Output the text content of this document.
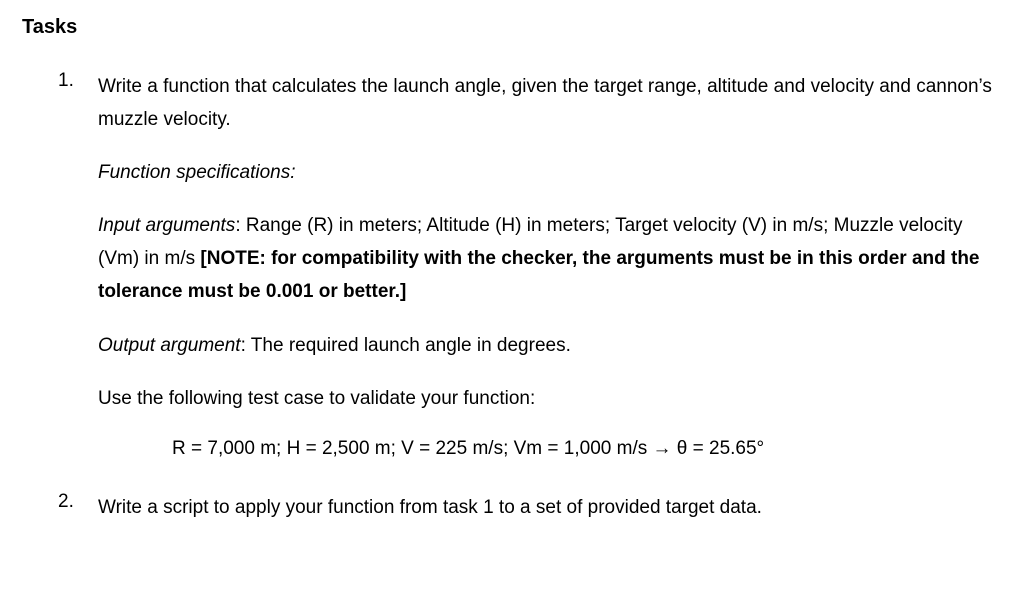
Tasks
1. Write a function that calculates the launch angle, given the target range, altitude and velocity and cannon’s muzzle velocity.
Function specifications:
Input arguments: Range (R) in meters; Altitude (H) in meters; Target velocity (V) in m/s; Muzzle velocity (Vm) in m/s [NOTE: for compatibility with the checker, the arguments must be in this order and the tolerance must be 0.001 or better.]
Output argument: The required launch angle in degrees.
Use the following test case to validate your function:
R = 7,000 m; H = 2,500 m; V = 225 m/s; Vm = 1,000 m/s → θ = 25.65°
2. Write a script to apply your function from task 1 to a set of provided target data.
